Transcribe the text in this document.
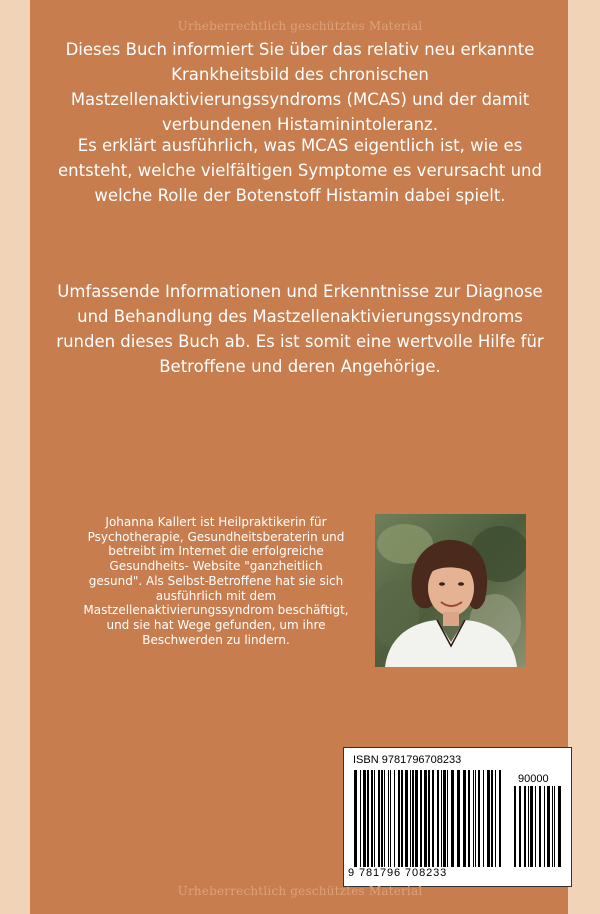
Urheberrechtlich geschütztes Material

Dieses Buch informiert Sie über das relativ neu erkannte Krankheitsbild des chronischen Mastzellenaktivierungssyndroms (MCAS) und der damit verbundenen Histaminintoleranz.

Es erklärt ausführlich, was MCAS eigentlich ist, wie es entsteht, welche vielfältigen Symptome es verursacht und welche Rolle der Botenstoff Histamin dabei spielt.

Umfassende Informationen und Erkenntnisse zur Diagnose und Behandlung des Mastzellenaktivierungssyndroms runden dieses Buch ab. Es ist somit eine wertvolle Hilfe für Betroffene und deren Angehörige.

Johanna Kallert ist Heilpraktikerin für Psychotherapie, Gesundheitsberaterin und betreibt im Internet die erfolgreiche Gesundheits- Website "ganzheitlich gesund". Als Selbst-Betroffene hat sie sich ausführlich mit dem Mastzellenaktivierungssyndrom beschäftigt, und sie hat Wege gefunden, um ihre Beschwerden zu lindern.

ISBN 9781796708233
90000
9 781796 708233
Urheberrechtlich geschütztes Material
